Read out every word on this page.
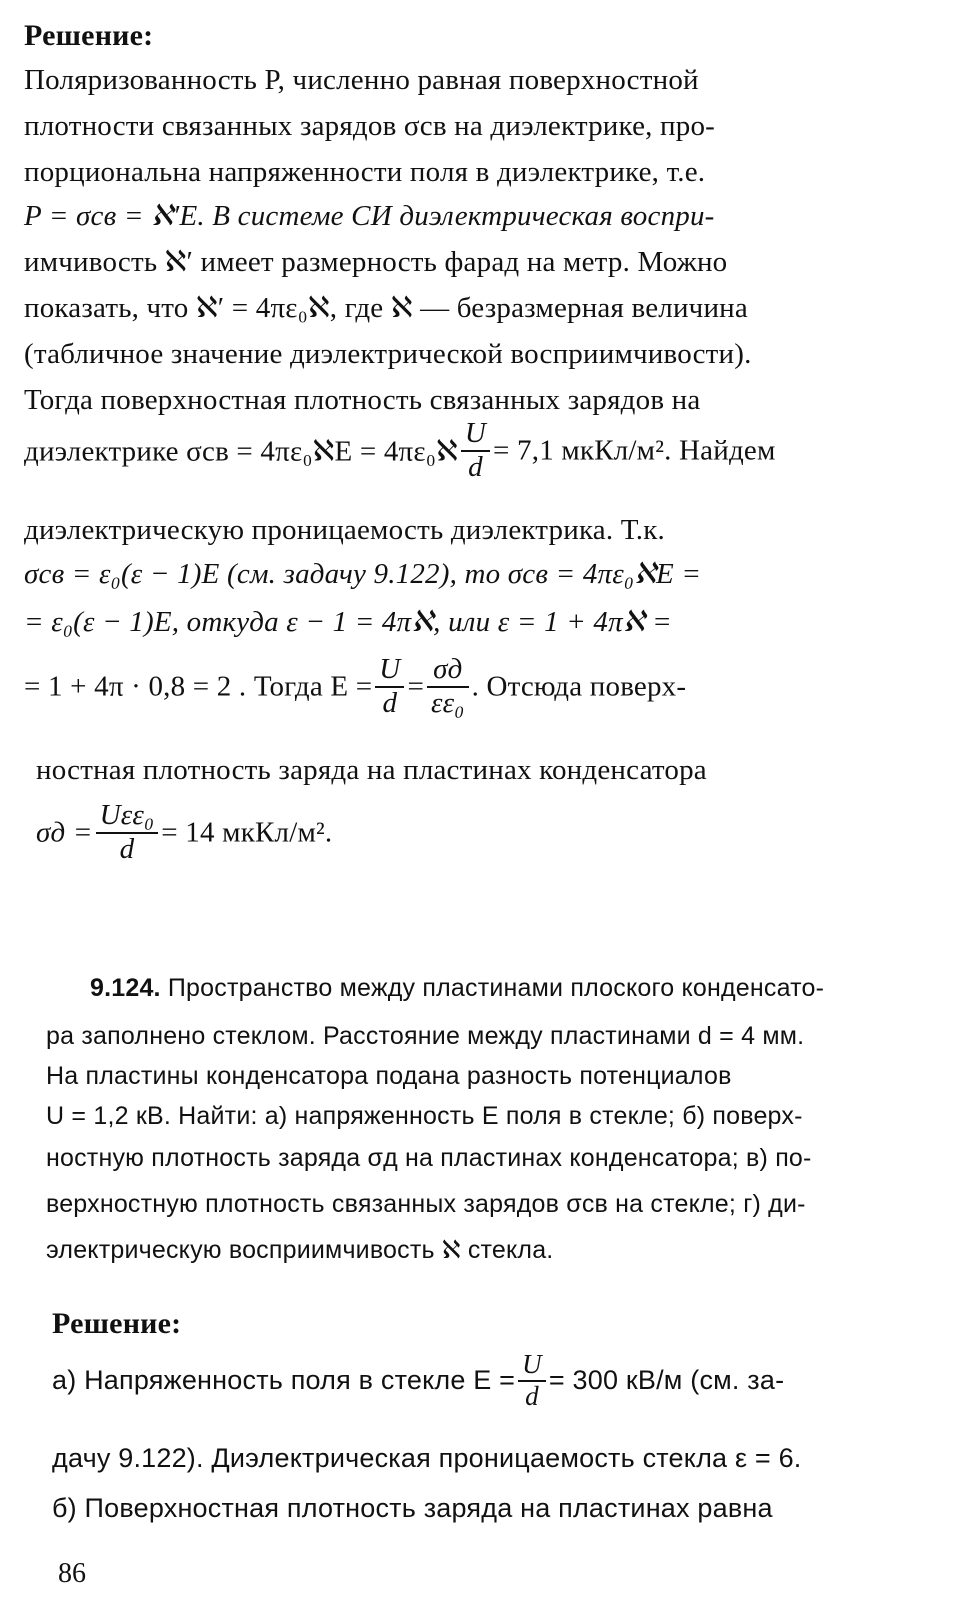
Решение:
Поляризованность P, численно равная поверхностной
плотности связанных зарядов σсв на диэлектрике, про-
порциональна напряженности поля в диэлектрике, т.е.
P = σсв = ℵ′E. В системе СИ диэлектрическая воспри-
имчивость ℵ′ имеет размерность фарад на метр. Можно
показать, что ℵ′ = 4πε₀ℵ, где ℵ — безразмерная величина
(табличное значение диэлектрической восприимчивости).
Тогда поверхностная плотность связанных зарядов на
диэлектрике σсв = 4πε₀ℵE = 4πε₀ℵ $\frac{U}{d} = 7,1$ мкКл/м². Найдем
диэлектрическую проницаемость диэлектрика. Т.к.
σсв = ε₀(ε − 1)E (см. задачу 9.122), то σсв = 4πε₀ℵE =
= ε₀(ε − 1)E, откуда ε − 1 = 4πℵ, или ε = 1 + 4πℵ =
= 1 + 4π · 0,8 = 2 . Тогда $E = \frac{U}{d} = \frac{\sigma д}{\text{εε₀}}$ . Отсюда поверх-
ностная плотность заряда на пластинах конденсатора
$\sigma д = \frac{\text{Uεε₀}}{d} = 14$ мкКл/м².
9.124. Пространство между пластинами плоского конденсато-
ра заполнено стеклом. Расстояние между пластинами d = 4 мм.
На пластины конденсатора подана разность потенциалов
U = 1,2 кВ. Найти: а) напряженность E поля в стекле; б) поверх-
ностную плотность заряда σд на пластинах конденсатора; в) по-
верхностную плотность связанных зарядов σсв на стекле; г) ди-
электрическую восприимчивость ℵ стекла.
Решение:
а) Напряженность поля в стекле $E = \frac{U}{d} = 300$ кВ/м (см. за-
дачу 9.122). Диэлектрическая проницаемость стекла ε = 6.
б) Поверхностная плотность заряда на пластинах равна
86
